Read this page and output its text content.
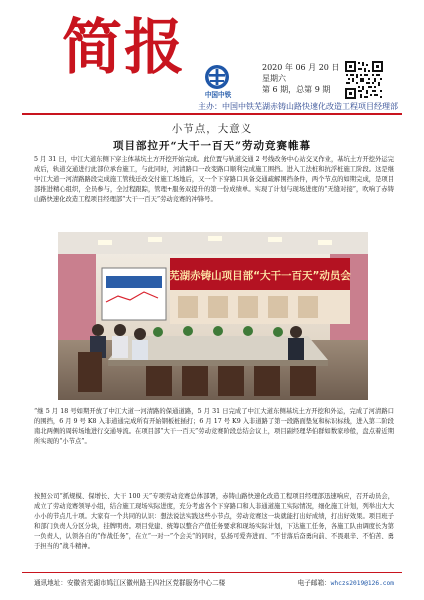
简报
中国中铁
2020 年 06 月 20 日
星期六
第 6 期，总第 9 期
主办：中国中铁芜湖赤铸山路快速化改造工程项目经理部
小节点，大意义
项目部拉开“大干一百天”劳动竞赛帷幕
5 月 31 日，中江大道东侧下穿主体基坑土方开挖开始完成。此位置与轨道交通 2 号线改务中心站交叉作业，基坑土方开挖外运完成后，轨道交通进行此部位承台施工，与此同时，河清路口一改变路口顺利完成施工围挡。进入工法桩和抗浮桩施工阶段。这是继中江大道一河清路路段完成施工管线迁改交付施工场地后，又一个下穿路口具备交通疏解围挡条件，两个节点的如期完成，是项目部推进精心组织，全员参与，全过程跟踪，管理+服务双提升的第一份成绩单。实现了计划与现场进度的“无缝对接”，吹响了赤铸山路快速化改造工程项目经理部“大干一百天”劳动竞赛的冲锋号。
芜湖赤铸山项目部“大干一百天”动员会
“继 5 月 18 号如期开放了中江大道一河清路的保通道路，5 月 31 日完成了中江大道东侧基坑土方开挖和外运，完成了河清路口的围挡，6 月 9 号 K8 入非道通完成所有开始钢板桩插打；6 月 17 号 K9 入非道路了第一段路面垫复和标识标线，进入第二阶段南北两侧的周转场地进行交通导流。在项目部“大干一百天”劳动竞赛阶段总结会议上，项目副经理华伯群如数家珍般，盘点着近期所实现的“小节点”。
按照公司“抓规模、保增长、大干 100 天”专项劳动竞赛总体部署，赤铸山路快速化改造工程项目经理部迅速响应，召开动员会，成立了劳动竞赛领导小组，结合施工现场实际进度，充分考虑各个下穿路口和人非通道施工实际情况，细化施工计划，列举出大大小小的节点几十项。大家有一个共同的认识：想法说法实践这些小节点，劳动竞赛这一块就能打出好成绩，打出好效果。项目班子和部门负责人分区分块，挂牌明责。项目党建、统筹以整合产值任务要求和现场实际计划，下达施工任务，各施工队由调度长为第一负责人，认领各自的“作战任务”，在立“一对一”个会关“的同时，弘扬可爱奔进而、“不甘落后奋勇向前、不畏艰辛、不怕苦、勇于担当的”战斗精神。
通讯地址：安徽省芜湖市鸠江区徽州路王四社区党群服务中心二楼	电子邮箱：whczs2019@126.com
